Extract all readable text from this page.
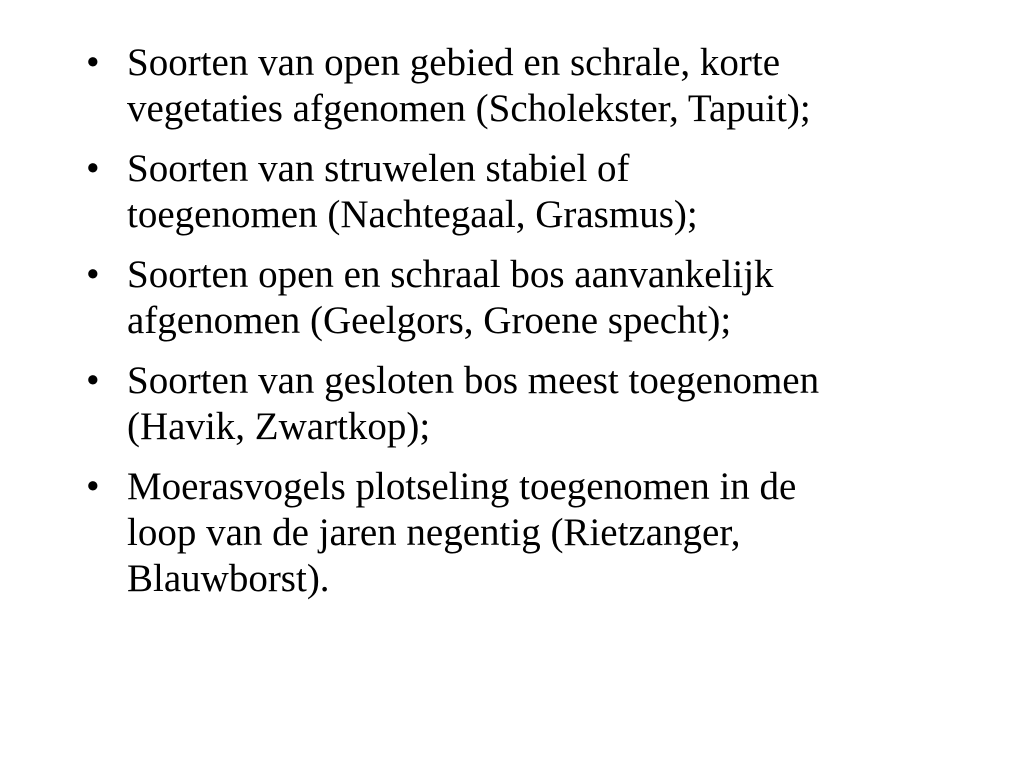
• Soorten van open gebied en schrale, korte
vegetaties afgenomen (Scholekster, Tapuit);
• Soorten van struwelen stabiel of
toegenomen (Nachtegaal, Grasmus);
• Soorten open en schraal bos aanvankelijk
afgenomen (Geelgors, Groene specht);
• Soorten van gesloten bos meest toegenomen
(Havik, Zwartkop);
• Moerasvogels plotseling toegenomen in de
loop van de jaren negentig (Rietzanger,
Blauwborst).
